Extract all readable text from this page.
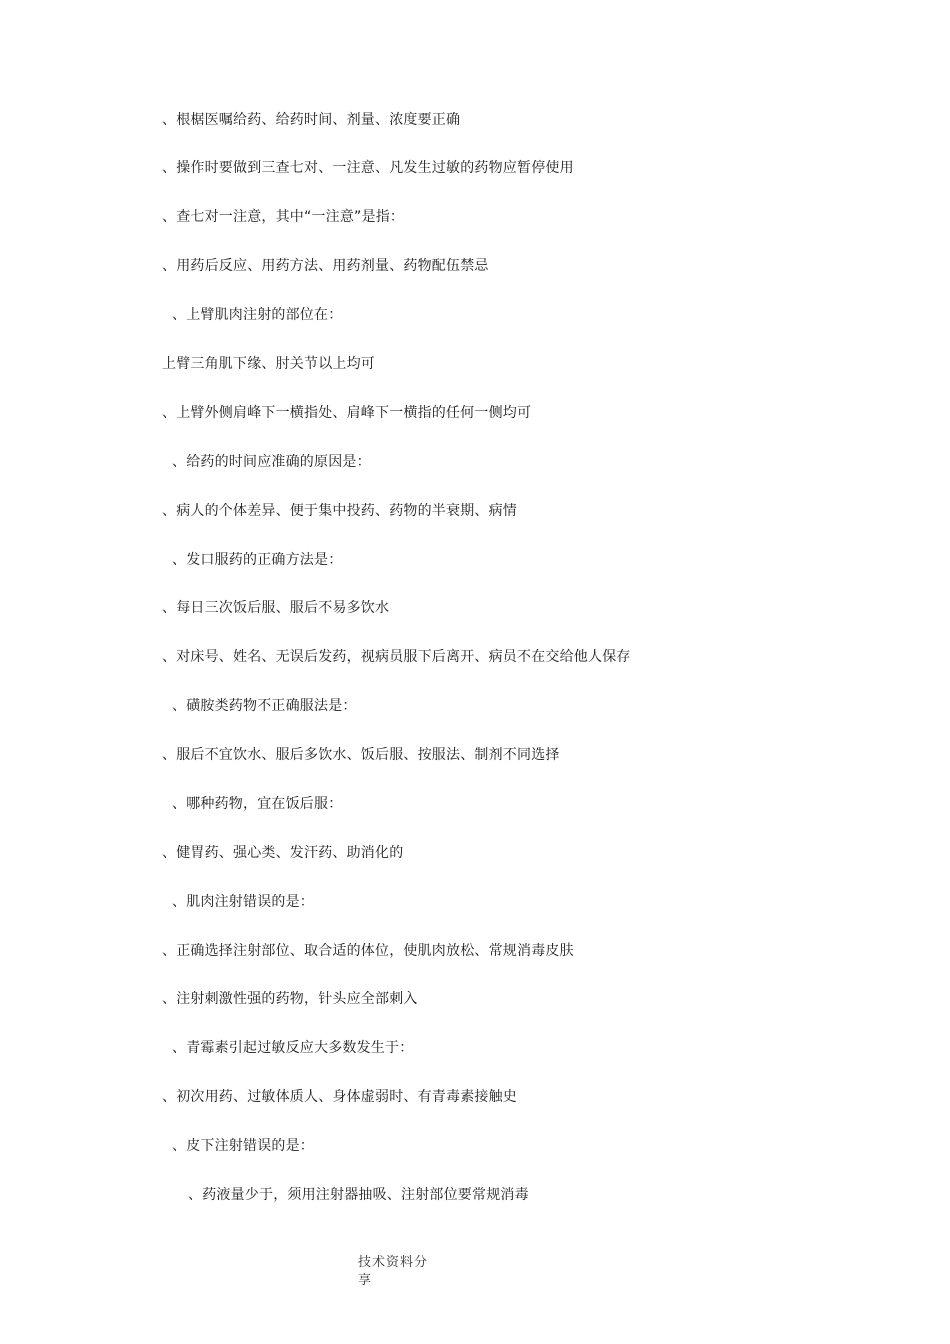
、根椐医嘱给药、给药时间、剂量、浓度要正确
、操作时要做到三查七对、一注意、凡发生过敏的药物应暂停使用
、查七对一注意，其中“一注意”是指：
、用药后反应、用药方法、用药剂量、药物配伍禁忌
、上臂肌肉注射的部位在：
上臂三角肌下缘、肘关节以上均可
、上臂外侧肩峰下一横指处、肩峰下一横指的任何一侧均可
、给药的时间应准确的原因是：
、病人的个体差异、便于集中投药、药物的半衰期、病情
、发口服药的正确方法是：
、每日三次饭后服、服后不易多饮水
、对床号、姓名、无误后发药，视病员服下后离开、病员不在交给他人保存
、磺胺类药物不正确服法是：
、服后不宜饮水、服后多饮水、饭后服、按服法、制剂不同选择
、哪种药物，宜在饭后服：
、健胃药、强心类、发汗药、助消化的
、肌肉注射错误的是：
、正确选择注射部位、取合适的体位，使肌肉放松、常规消毒皮肤
、注射刺激性强的药物，针头应全部刺入
、青霉素引起过敏反应大多数发生于：
、初次用药、过敏体质人、身体虚弱时、有青毒素接触史
、皮下注射错误的是：
、药液量少于，须用注射器抽吸、注射部位要常规消毒
技术资料分
享
